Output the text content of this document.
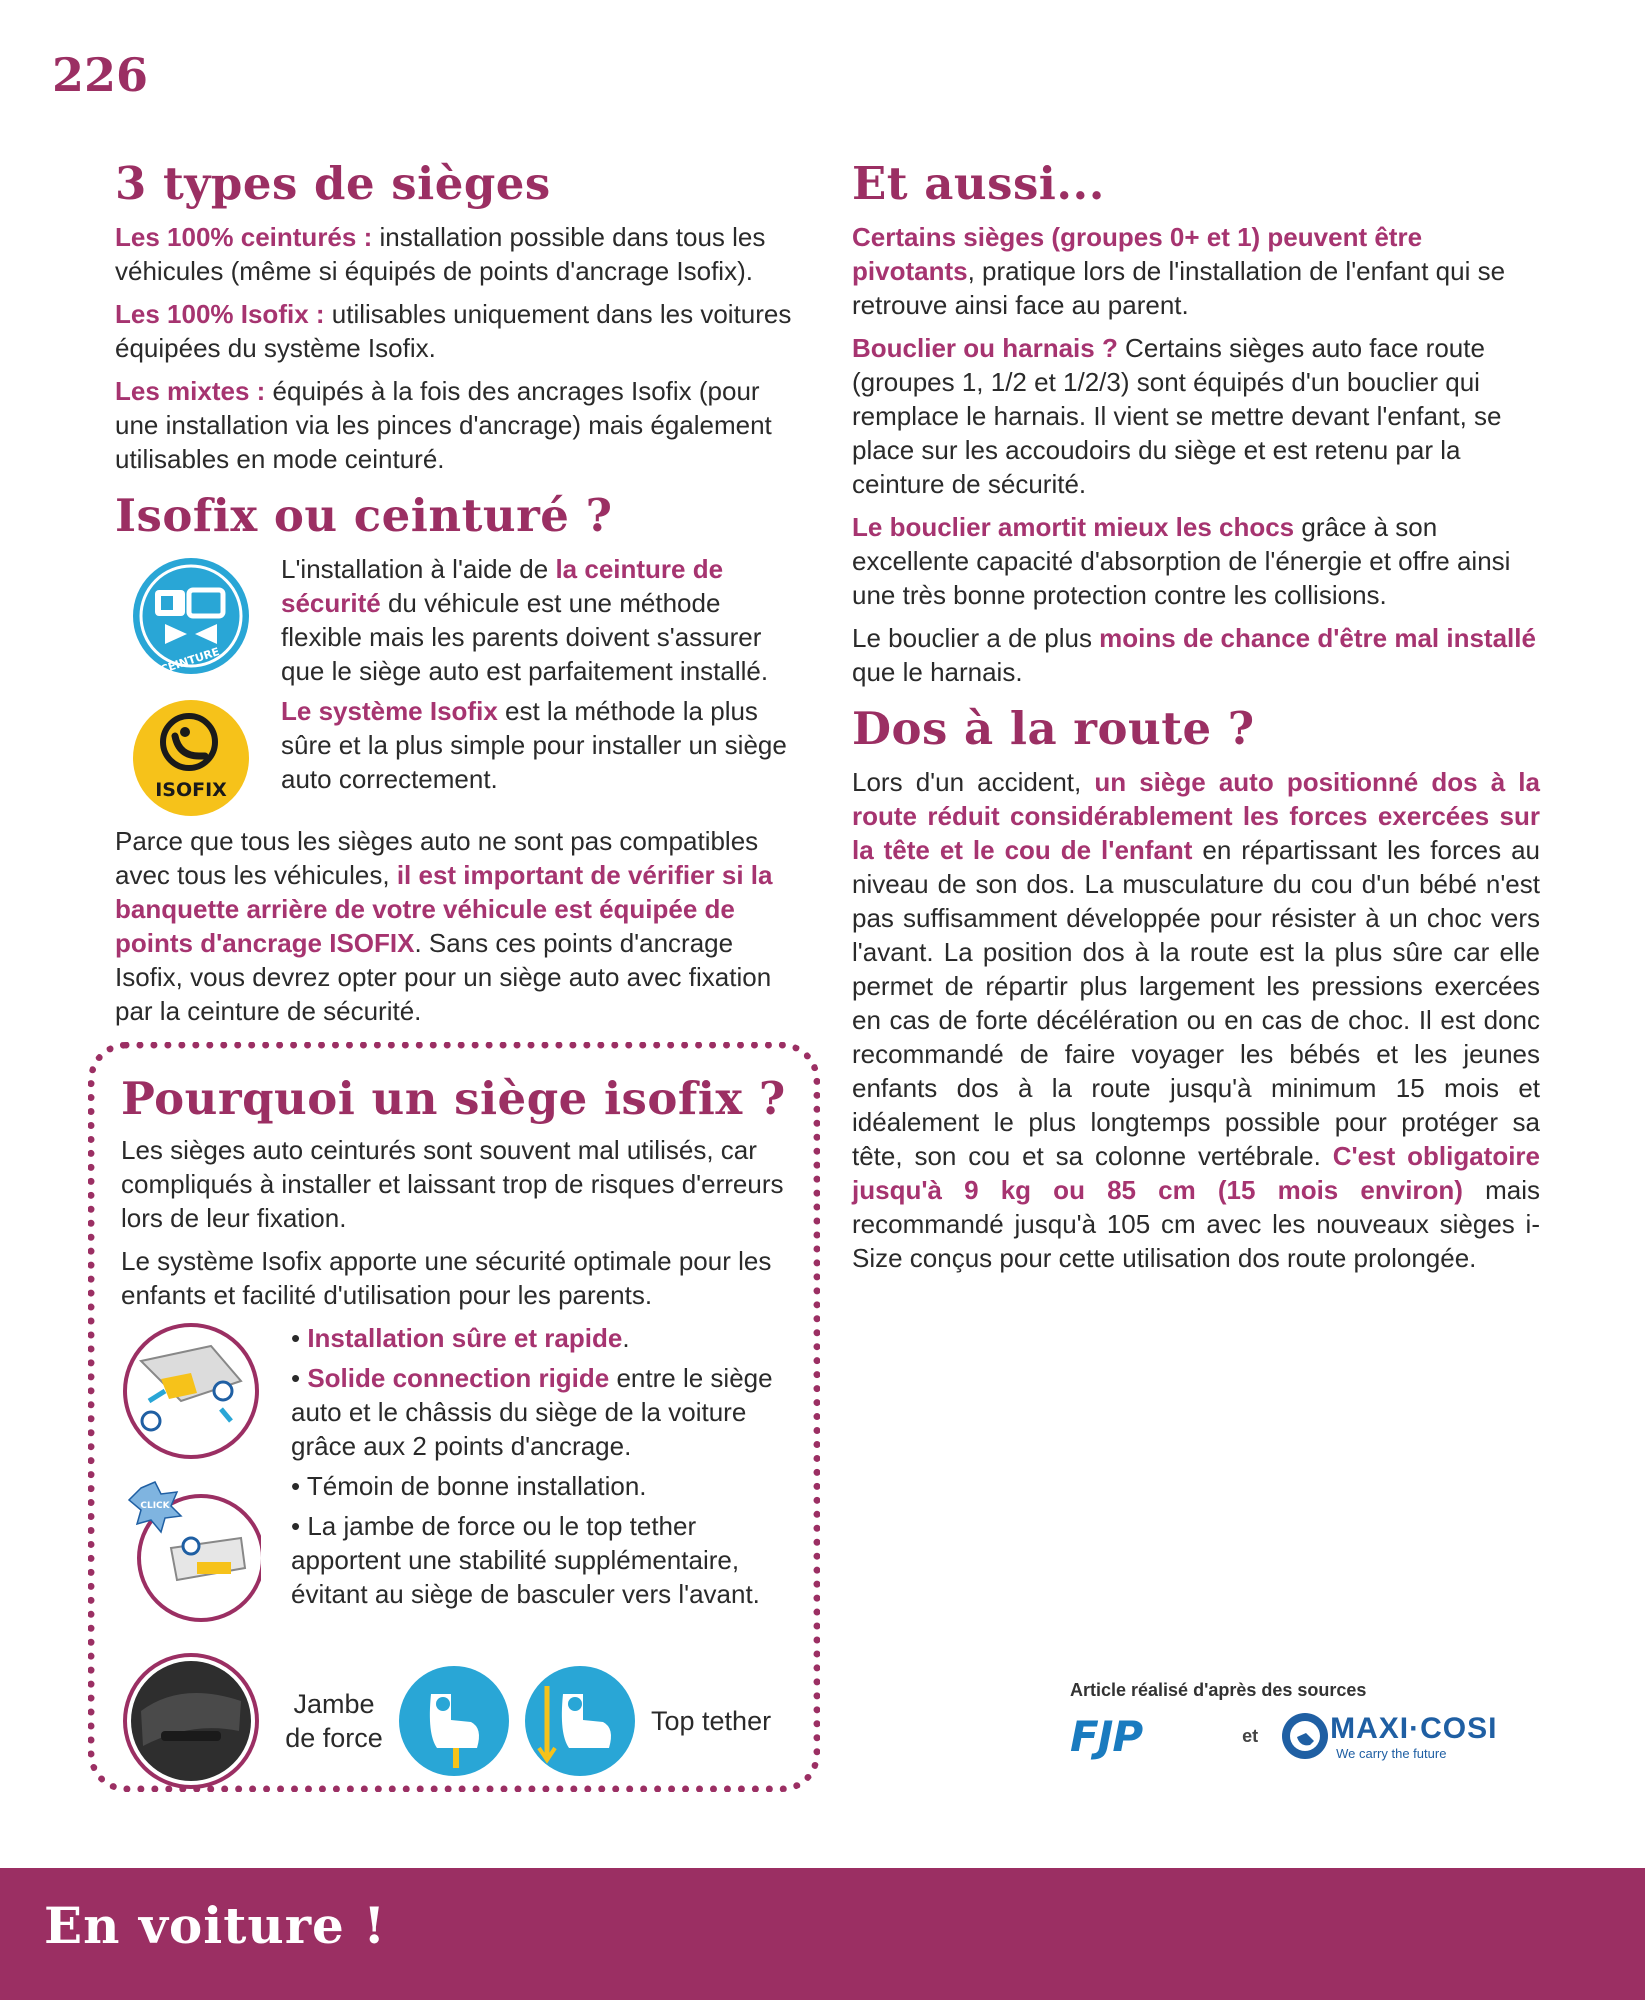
226
3 types de sièges

Les 100% ceinturés : installation possible dans tous les véhicules (même si équipés de points d'ancrage Isofix).

Les 100% Isofix : utilisables uniquement dans les voitures équipées du système Isofix.

Les mixtes : équipés à la fois des ancrages Isofix (pour une installation via les pinces d'ancrage) mais également utilisables en mode ceinturé.

Isofix ou ceinturé ?
CEINTURE

L'installation à l'aide de la ceinture de sécurité du véhicule est une méthode flexible mais les parents doivent s'assurer que le siège auto est parfaitement installé.

ISOFIX

Le système Isofix est la méthode la plus sûre et la plus simple pour installer un siège auto correctement.

Parce que tous les sièges auto ne sont pas compatibles avec tous les véhicules, il est important de vérifier si la banquette arrière de votre véhicule est équipée de points d'ancrage ISOFIX. Sans ces points d'ancrage Isofix, vous devrez opter pour un siège auto avec fixation par la ceinture de sécurité.

Pourquoi un siège isofix ?

Les sièges auto ceinturés sont souvent mal utilisés, car compliqués à installer et laissant trop de risques d'erreurs lors de leur fixation.

Le système Isofix apporte une sécurité optimale pour les enfants et facilité d'utilisation pour les parents.

CLICK

• Installation sûre et rapide.

• Solide connection rigide entre le siège auto et le châssis du siège de la voiture grâce aux 2 points d'ancrage.

• Témoin de bonne installation.

• La jambe de force ou le top tether apportent une stabilité supplémentaire, évitant au siège de basculer vers l'avant.

Jambe
de force
Top tether
Et aussi...

Certains sièges (groupes 0+ et 1) peuvent être pivotants, pratique lors de l'installation de l'enfant qui se retrouve ainsi face au parent.

Bouclier ou harnais ? Certains sièges auto face route (groupes 1, 1/2 et 1/2/3) sont équipés d'un bouclier qui remplace le harnais. Il vient se mettre devant l'enfant, se place sur les accoudoirs du siège et est retenu par la ceinture de sécurité.

Le bouclier amortit mieux les chocs grâce à son excellente capacité d'absorption de l'énergie et offre ainsi une très bonne protection contre les collisions.

Le bouclier a de plus moins de chance d'être mal installé que le harnais.

Dos à la route ?

Lors d'un accident, un siège auto positionné dos à la route réduit considérablement les forces exercées sur la tête et le cou de l'enfant en répartissant les forces au niveau de son dos. La musculature du cou d'un bébé n'est pas suffisamment développée pour résister à un choc vers l'avant. La position dos à la route est la plus sûre car elle permet de répartir plus largement les pressions exercées en cas de forte décélération ou en cas de choc. Il est donc recommandé de faire voyager les bébés et les jeunes enfants dos à la route jusqu'à minimum 15 mois et idéalement le plus longtemps possible pour protéger sa tête, son cou et sa colonne vertébrale. C'est obligatoire jusqu'à 9 kg ou 85 cm (15 mois environ) mais recommandé jusqu'à 105 cm avec les nouveaux sièges i-Size conçus pour cette utilisation dos route prolongée.

Article réalisé d'après des sources
FJP	et MAXI·COSI
We carry the future
En voiture !
